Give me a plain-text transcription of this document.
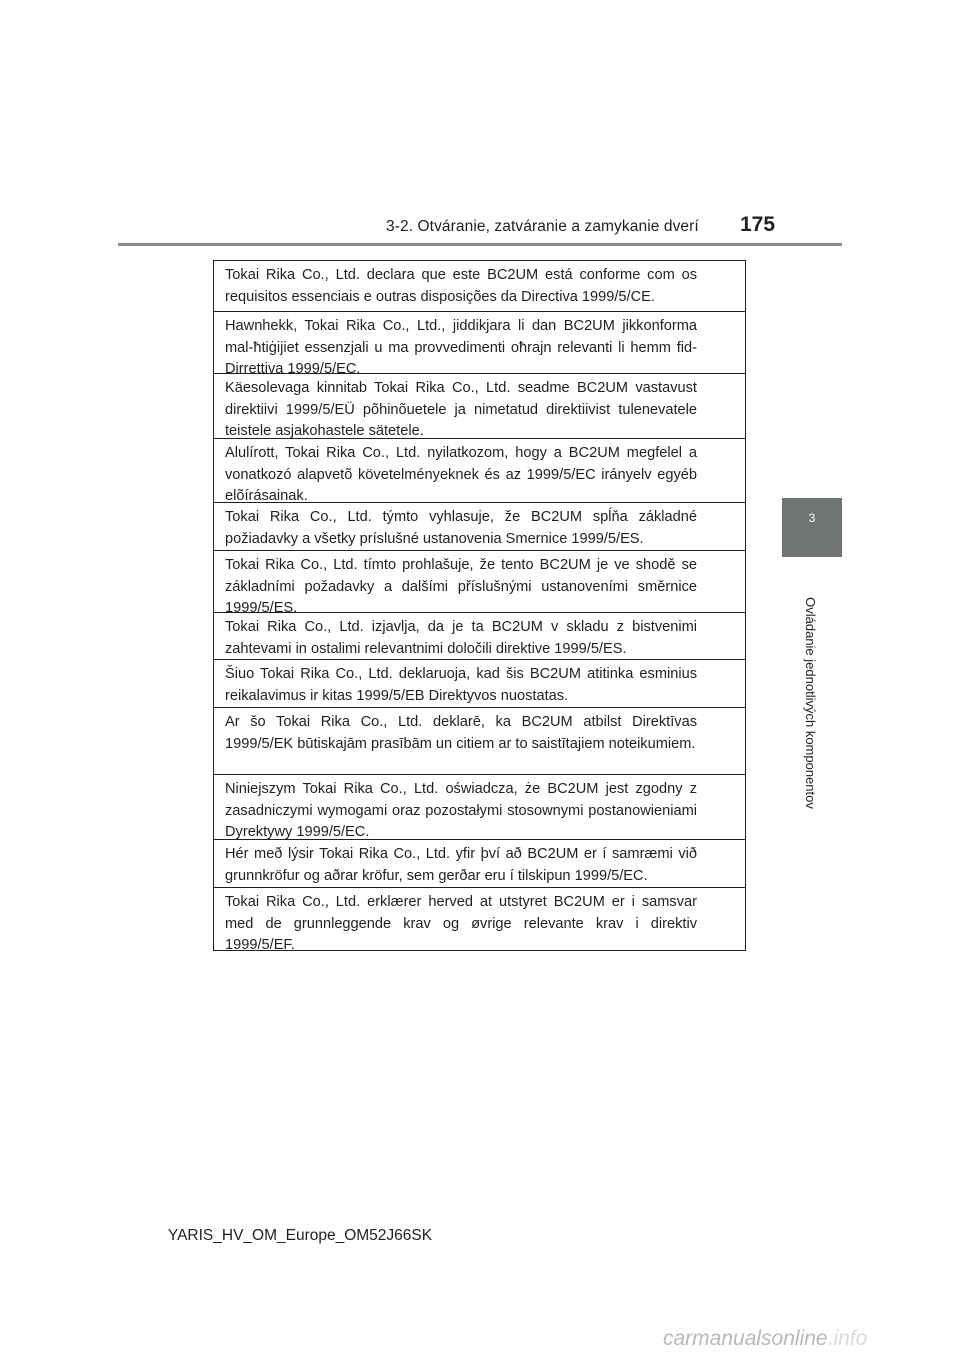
3-2. Otváranie, zatváranie a zamykanie dverí 175
3
Ovládanie jednotlivých komponentov
Tokai Rika Co., Ltd. declara que este BC2UM está conforme com os requisitos essenciais e outras disposições da Directiva 1999/5/CE.
Hawnhekk, Tokai Rika Co., Ltd., jiddikjara li dan BC2UM jikkonforma mal-ħtiġijiet essenzjali u ma provvedimenti oħrajn relevanti li hemm fid-Dirrettiva 1999/5/EC.
Käesolevaga kinnitab Tokai Rika Co., Ltd. seadme BC2UM vastavust direktiivi 1999/5/EÜ põhinõuetele ja nimetatud direktiivist tulenevatele teistele asjakohastele sätetele.
Alulírott, Tokai Rika Co., Ltd. nyilatkozom, hogy a BC2UM megfelel a vonatkozó alapvetõ követelményeknek és az 1999/5/EC irányelv egyéb elõírásainak.
Tokai Rika Co., Ltd. týmto vyhlasuje, že BC2UM spĺňa základné požiadavky a všetky príslušné ustanovenia Smernice 1999/5/ES.
Tokai Rika Co., Ltd. tímto prohlašuje, že tento BC2UM je ve shodě se základními požadavky a dalšími příslušnými ustanoveními směrnice 1999/5/ES.
Tokai Rika Co., Ltd. izjavlja, da je ta BC2UM v skladu z bistvenimi zahtevami in ostalimi relevantnimi določili direktive 1999/5/ES.
Šiuo Tokai Rika Co., Ltd. deklaruoja, kad šis BC2UM atitinka esminius reikalavimus ir kitas 1999/5/EB Direktyvos nuostatas.
Ar šo Tokai Rika Co., Ltd. deklarē, ka BC2UM atbilst Direktīvas 1999/5/EK būtiskajām prasībām un citiem ar to saistītajiem noteikumiem.
Niniejszym Tokai Rika Co., Ltd. oświadcza, że BC2UM jest zgodny z zasadniczymi wymogami oraz pozostałymi stosownymi postanowieniami Dyrektywy 1999/5/EC.
Hér með lýsir Tokai Rika Co., Ltd. yfir því að BC2UM er í samræmi við grunnkröfur og aðrar kröfur, sem gerðar eru í tilskipun 1999/5/EC.
Tokai Rika Co., Ltd. erklærer herved at utstyret BC2UM er i samsvar med de grunnleggende krav og øvrige relevante krav i direktiv 1999/5/EF.
YARIS_HV_OM_Europe_OM52J66SK
carmanualsonline.info
